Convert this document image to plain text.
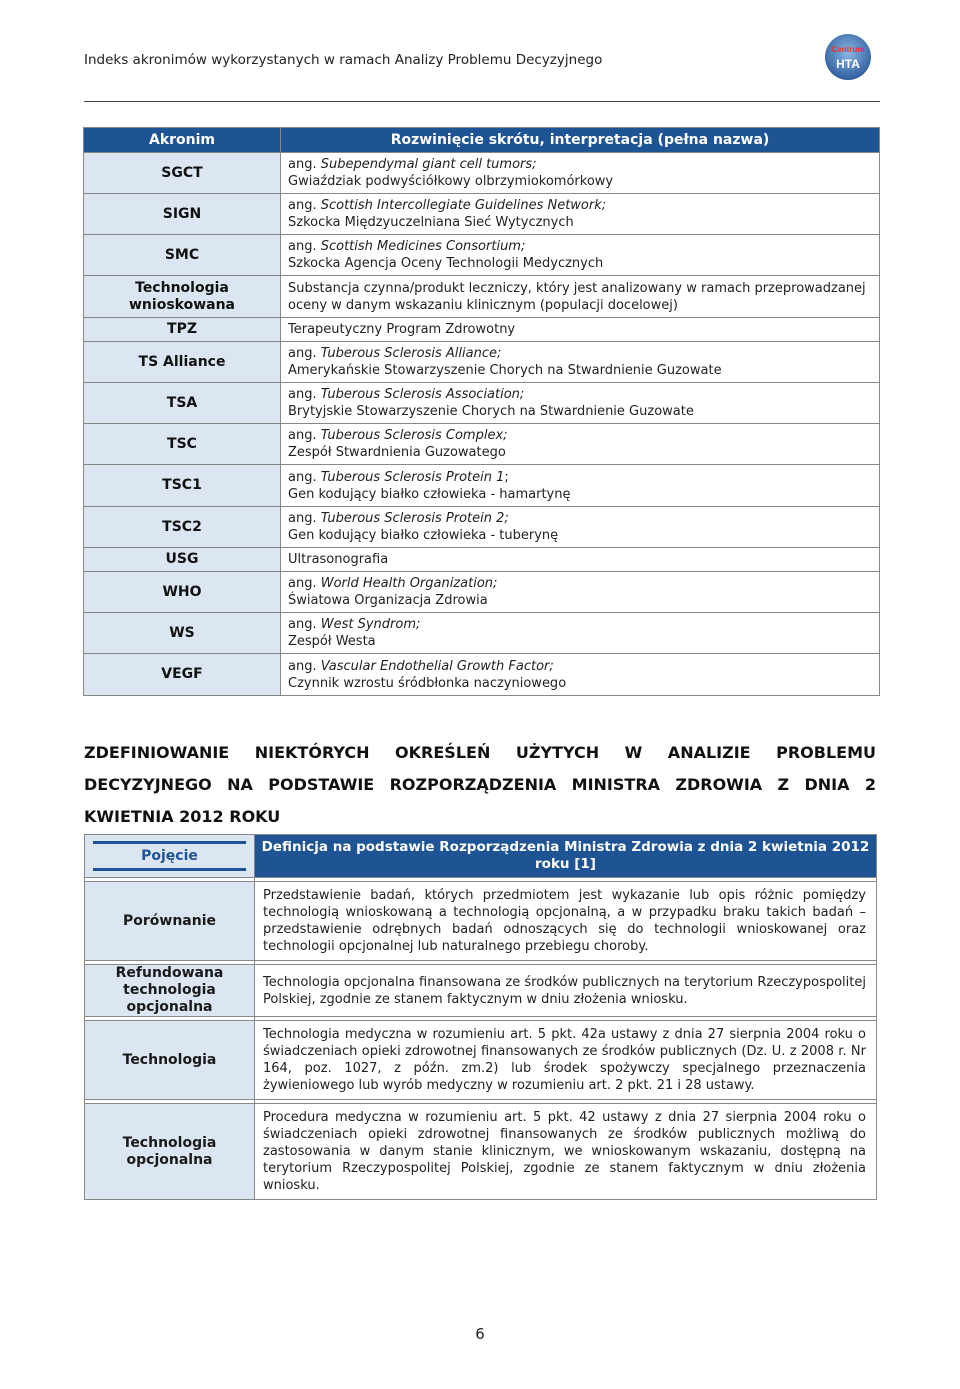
Indeks akronimów wykorzystanych w ramach Analizy Problemu Decyzyjnego
Centrum
HTA
Akronim	Rozwinięcie skrótu, interpretacja (pełna nazwa)
SGCT	ang. Subependymal giant cell tumors;
Gwiaździak podwyściółkowy olbrzymiokomórkowy

SIGN	ang. Scottish Intercollegiate Guidelines Network;
Szkocka Międzyuczelniana Sieć Wytycznych

SMC	ang. Scottish Medicines Consortium;
Szkocka Agencja Oceny Technologii Medycznych

Technologia wnioskowana	Substancja czynna/produkt leczniczy, który jest analizowany w ramach przeprowadzanej oceny w danym wskazaniu klinicznym (populacji docelowej)

TPZ	Terapeutyczny Program Zdrowotny

TS Alliance	ang. Tuberous Sclerosis Alliance;
Amerykańskie Stowarzyszenie Chorych na Stwardnienie Guzowate

TSA	ang. Tuberous Sclerosis Association;
Brytyjskie Stowarzyszenie Chorych na Stwardnienie Guzowate

TSC	ang. Tuberous Sclerosis Complex;
Zespół Stwardnienia Guzowatego

TSC1	ang. Tuberous Sclerosis Protein 1;
Gen kodujący białko człowieka - hamartynę

TSC2	ang. Tuberous Sclerosis Protein 2;
Gen kodujący białko człowieka - tuberynę

USG	Ultrasonografia

WHO	ang. World Health Organization;
Światowa Organizacja Zdrowia

WS	ang. West Syndrom;
Zespół Westa

VEGF	ang. Vascular Endothelial Growth Factor;
Czynnik wzrostu śródbłonka naczyniowego
ZDEFINIOWANIE NIEKTÓRYCH OKREŚLEŃ UŻYTYCH W ANALIZIE PROBLEMU DECYZYJNEGO NA PODSTAWIE ROZPORZĄDZENIA MINISTRA ZDROWIA Z DNIA 2 KWIETNIA 2012 ROKU
Pojęcie	Definicja na podstawie Rozporządzenia Ministra Zdrowia z dnia 2 kwietnia 2012 roku [1]

Porównanie	Przedstawienie badań, których przedmiotem jest wykazanie lub opis różnic pomiędzy technologią wnioskowaną a technologią opcjonalną, a w przypadku braku takich badań – przedstawienie odrębnych badań odnoszących się do technologii wnioskowanej oraz technologii opcjonalnej lub naturalnego przebiegu choroby.

Refundowana technologia opcjonalna	Technologia opcjonalna finansowana ze środków publicznych na terytorium Rzeczypospolitej Polskiej, zgodnie ze stanem faktycznym w dniu złożenia wniosku.

Technologia	Technologia medyczna w rozumieniu art. 5 pkt. 42a ustawy z dnia 27 sierpnia 2004 roku o świadczeniach opieki zdrowotnej finansowanych ze środków publicznych (Dz. U. z 2008 r. Nr 164, poz. 1027, z późn. zm.2) lub środek spożywczy specjalnego przeznaczenia żywieniowego lub wyrób medyczny w rozumieniu art. 2 pkt. 21 i 28 ustawy.

Technologia opcjonalna	Procedura medyczna w rozumieniu art. 5 pkt. 42 ustawy z dnia 27 sierpnia 2004 roku o świadczeniach opieki zdrowotnej finansowanych ze środków publicznych możliwą do zastosowania w danym stanie klinicznym, we wnioskowanym wskazaniu, dostępną na terytorium Rzeczypospolitej Polskiej, zgodnie ze stanem faktycznym w dniu złożenia wniosku.
6
